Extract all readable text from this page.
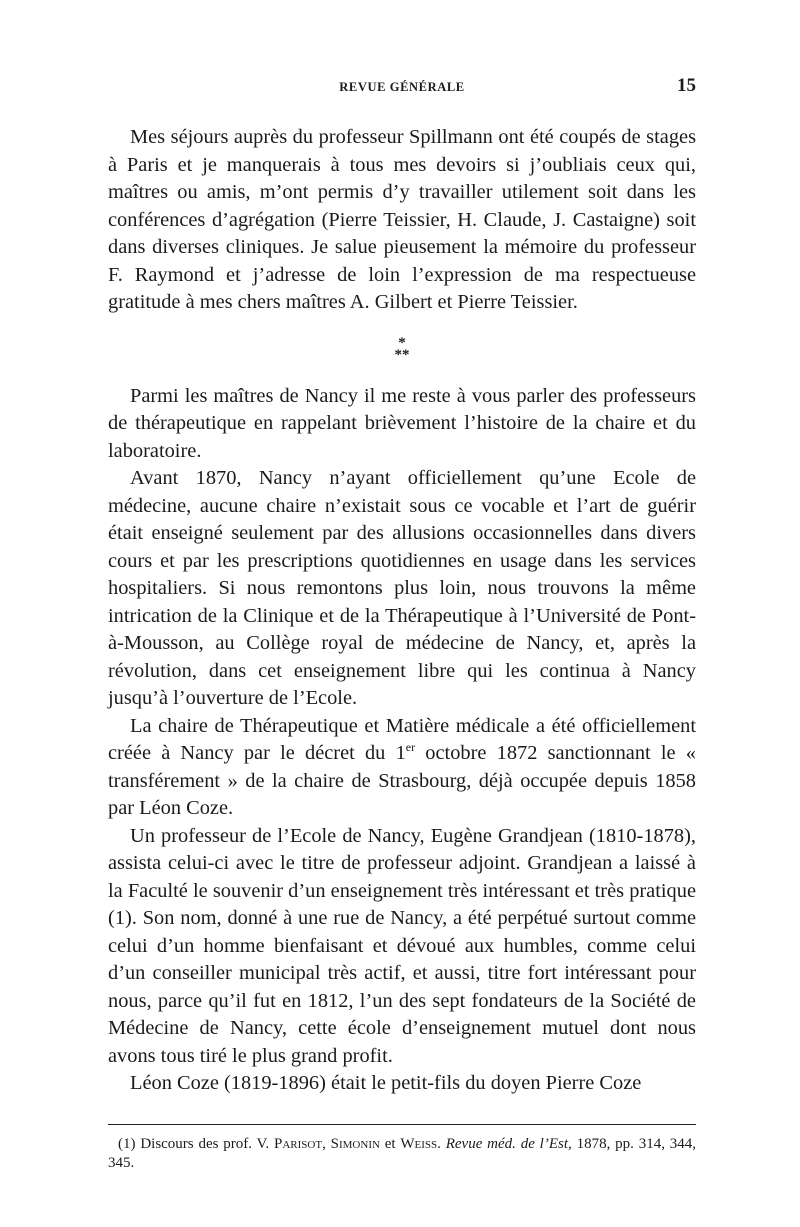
REVUE GÉNÉRALE	15

Mes séjours auprès du professeur Spillmann ont été coupés de stages à Paris et je manquerais à tous mes devoirs si j’oubliais ceux qui, maîtres ou amis, m’ont permis d’y travailler utilement soit dans les conférences d’agrégation (Pierre Teissier, H. Claude, J. Castaigne) soit dans diverses cliniques. Je salue pieusement la mémoire du professeur F. Raymond et j’adresse de loin l’expression de ma respectueuse gratitude à mes chers maîtres A. Gilbert et Pierre Teissier.

*
**

Parmi les maîtres de Nancy il me reste à vous parler des professeurs de thérapeutique en rappelant brièvement l’histoire de la chaire et du laboratoire.

Avant 1870, Nancy n’ayant officiellement qu’une Ecole de médecine, aucune chaire n’existait sous ce vocable et l’art de guérir était enseigné seulement par des allusions occasionnelles dans divers cours et par les prescriptions quotidiennes en usage dans les services hospitaliers. Si nous remontons plus loin, nous trouvons la même intrication de la Clinique et de la Thérapeutique à l’Université de Pont-à-Mousson, au Collège royal de médecine de Nancy, et, après la révolution, dans cet enseignement libre qui les continua à Nancy jusqu’à l’ouverture de l’Ecole.

La chaire de Thérapeutique et Matière médicale a été officiellement créée à Nancy par le décret du 1er octobre 1872 sanctionnant le « transférement » de la chaire de Strasbourg, déjà occupée depuis 1858 par Léon Coze.

Un professeur de l’Ecole de Nancy, Eugène Grandjean (1810-1878), assista celui-ci avec le titre de professeur adjoint. Grandjean a laissé à la Faculté le souvenir d’un enseignement très intéressant et très pratique (1). Son nom, donné à une rue de Nancy, a été perpétué surtout comme celui d’un homme bienfaisant et dévoué aux humbles, comme celui d’un conseiller municipal très actif, et aussi, titre fort intéressant pour nous, parce qu’il fut en 1812, l’un des sept fondateurs de la Société de Médecine de Nancy, cette école d’enseignement mutuel dont nous avons tous tiré le plus grand profit.

Léon Coze (1819-1896) était le petit-fils du doyen Pierre Coze

(1) Discours des prof. V. Parisot, Simonin et Weiss. Revue méd. de l’Est, 1878, pp. 314, 344, 345.
